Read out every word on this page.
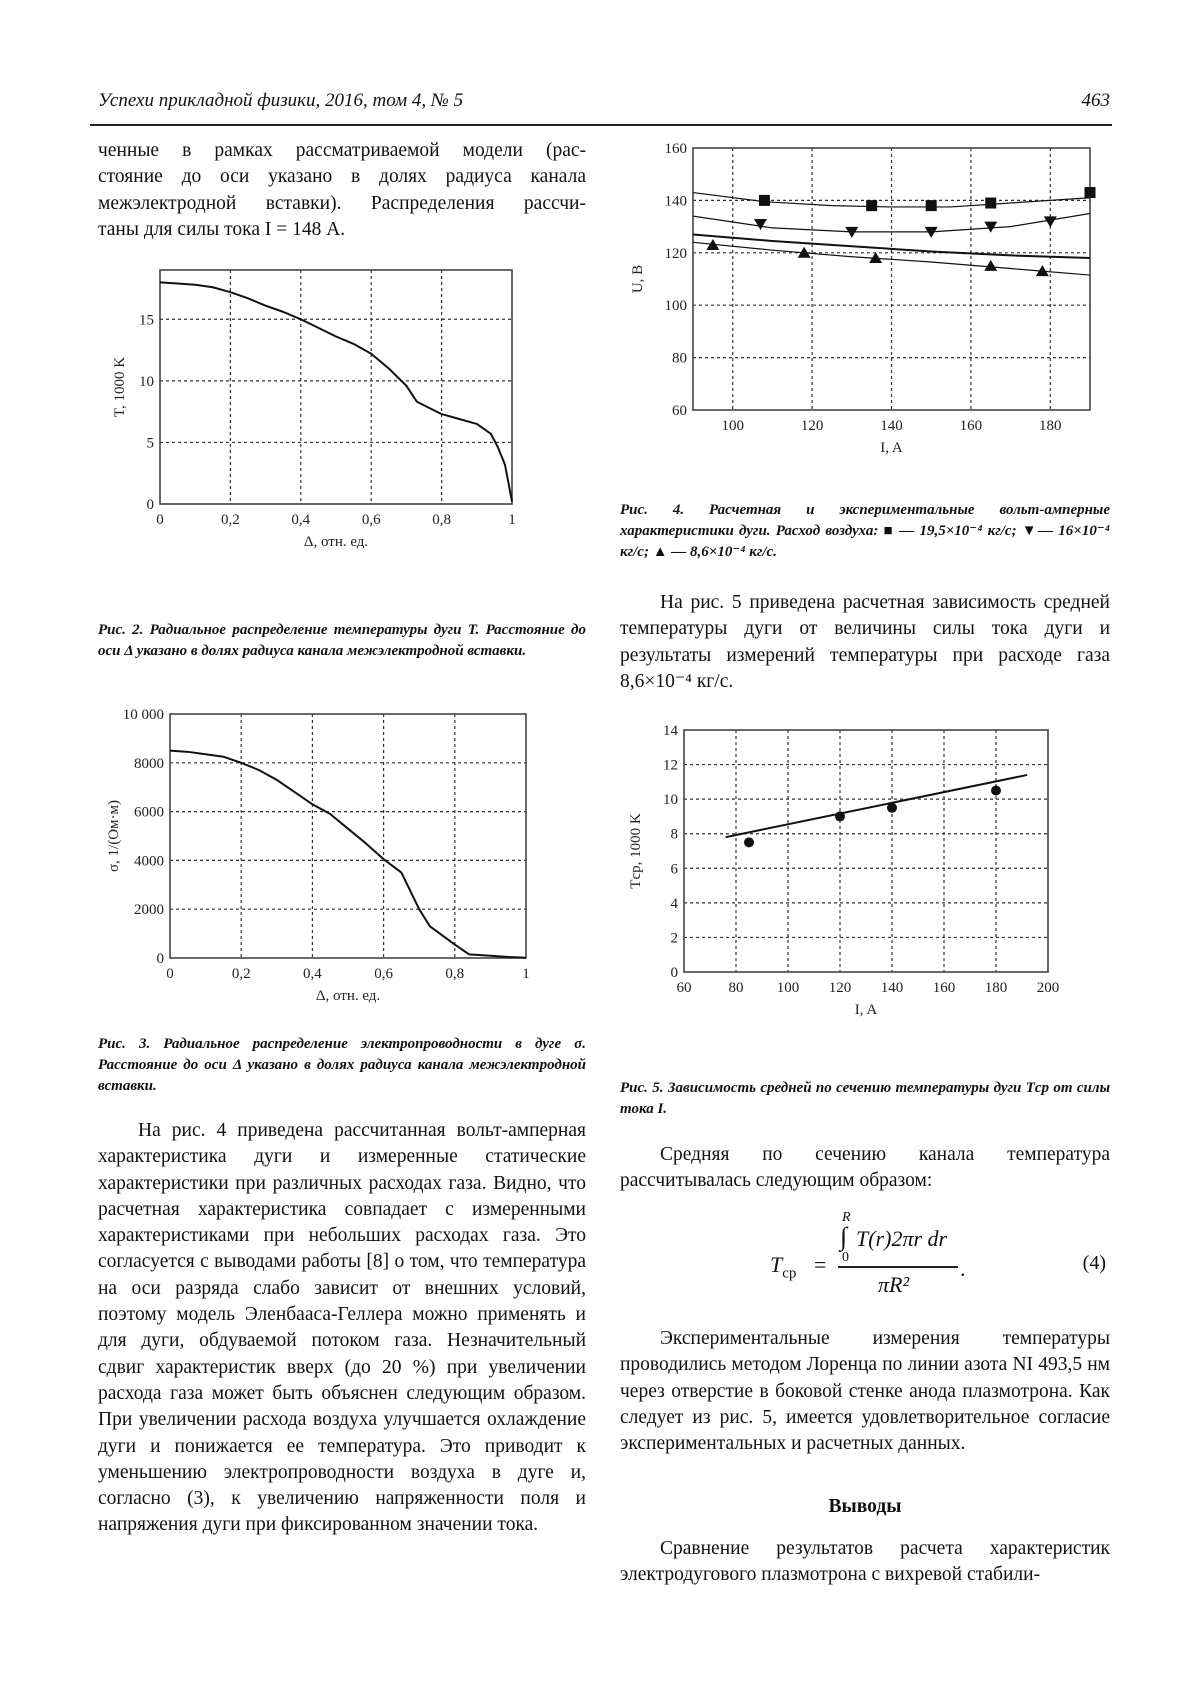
Успехи прикладной физики, 2016, том 4, № 5	463
ченные в рамках рассматриваемой модели (рас-
стояние до оси указано в долях радиуса канала
межэлектродной вставки). Распределения рассчи-
таны для силы тока I = 148 А.
0	0,2	0,4	0,6	0,8	1
0
5
10
15
Δ, отн. ед.
T, 1000 K
Рис. 2. Радиальное распределение температуры дуги T. Расстояние до оси Δ указано в долях радиуса канала межэлектродной вставки.
0	0,2	0,4	0,6	0,8	1
0
2000
4000
6000
8000
10 000
Δ, отн. ед.
σ, 1/(Ом·м)
Рис. 3. Радиальное распределение электропроводности в дуге σ. Расстояние до оси Δ указано в долях радиуса канала межэлектродной вставки.
На рис. 4 приведена рассчитанная вольт-амперная характеристика дуги и измеренные статические характеристики при различных расходах газа. Видно, что расчетная характеристика совпадает с измеренными характеристиками при небольших расходах газа. Это согласуется с выводами работы [8] о том, что температура на оси разряда слабо зависит от внешних условий, поэтому модель Эленбааса-Геллера можно применять и для дуги, обдуваемой потоком газа. Незначительный сдвиг характеристик вверх (до 20 %) при увеличении расхода газа может быть объяснен следующим образом. При увеличении расхода воздуха улучшается охлаждение дуги и понижается ее температура. Это приводит к уменьшению электропроводности воздуха в дуге и, согласно (3), к увеличению напряженности поля и напряжения дуги при фиксированном значении тока.
100	120	140	160	180
60
80
100
120
140
160
I, A
U, B
Рис. 4. Расчетная и экспериментальные вольт-амперные характеристики дуги. Расход воздуха: ■ — 19,5×10⁻⁴ кг/с; ▼— 16×10⁻⁴ кг/с; ▲ — 8,6×10⁻⁴ кг/с.
На рис. 5 приведена расчетная зависимость средней температуры дуги от величины силы тока дуги и результаты измерений температуры при расходе газа 8,6×10⁻⁴ кг/с.
60 80 100 120 140 160 180 200
0
2
4
6
8
10
12
14
I, A
Tср, 1000 K
Рис. 5. Зависимость средней по сечению температуры дуги Tср от силы тока I.
Средняя по сечению канала температура рассчитывалась следующим образом:
$T_{ср}$ =
R
∫
0
T(r)2πr dr
πR²
.	(4)
Экспериментальные измерения температуры проводились методом Лоренца по линии азота NI 493,5 нм через отверстие в боковой стенке анода плазмотрона. Как следует из рис. 5, имеется удовлетворительное согласие экспериментальных и расчетных данных.
Выводы
Сравнение результатов расчета характеристик электродугового плазмотрона с вихревой стабили-
